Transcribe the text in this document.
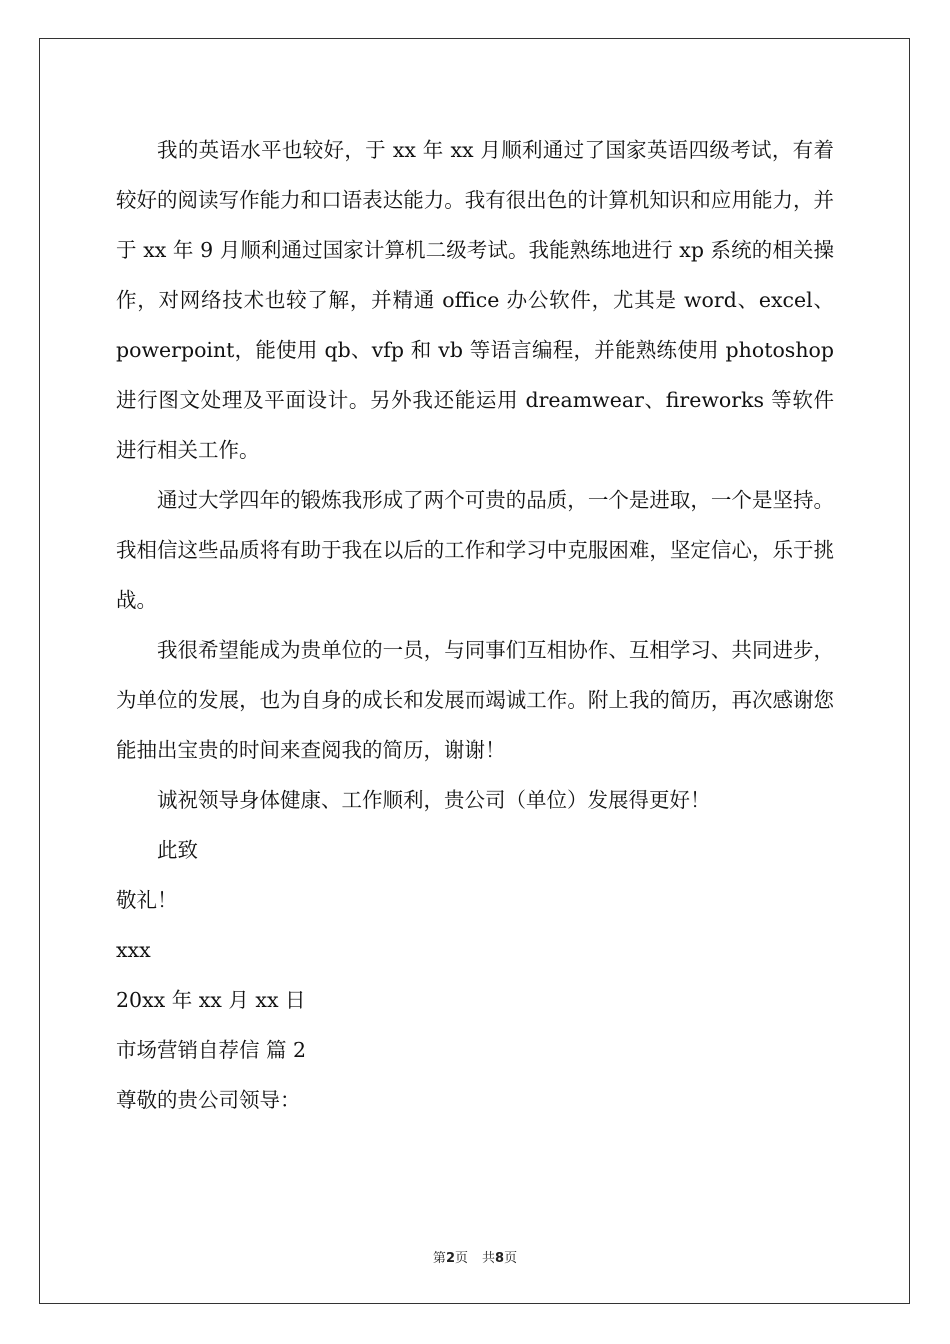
我的英语水平也较好，于 xx 年 xx 月顺利通过了国家英语四级考试，有着较好的阅读写作能力和口语表达能力。我有很出色的计算机知识和应用能力，并于 xx 年 9 月顺利通过国家计算机二级考试。我能熟练地进行 xp 系统的相关操作，对网络技术也较了解，并精通 office 办公软件，尤其是 word、excel、powerpoint，能使用 qb、vfp 和 vb 等语言编程，并能熟练使用 photoshop 进行图文处理及平面设计。另外我还能运用 dreamwear、fireworks 等软件进行相关工作。

通过大学四年的锻炼我形成了两个可贵的品质，一个是进取，一个是坚持。我相信这些品质将有助于我在以后的工作和学习中克服困难，坚定信心，乐于挑战。

我很希望能成为贵单位的一员，与同事们互相协作、互相学习、共同进步，为单位的发展，也为自身的成长和发展而竭诚工作。附上我的简历，再次感谢您能抽出宝贵的时间来查阅我的简历，谢谢！

诚祝领导身体健康、工作顺利，贵公司（单位）发展得更好！

此致

敬礼！

xxx

20xx 年 xx 月 xx 日

市场营销自荐信 篇 2

尊敬的贵公司领导：

第2页 共8页
